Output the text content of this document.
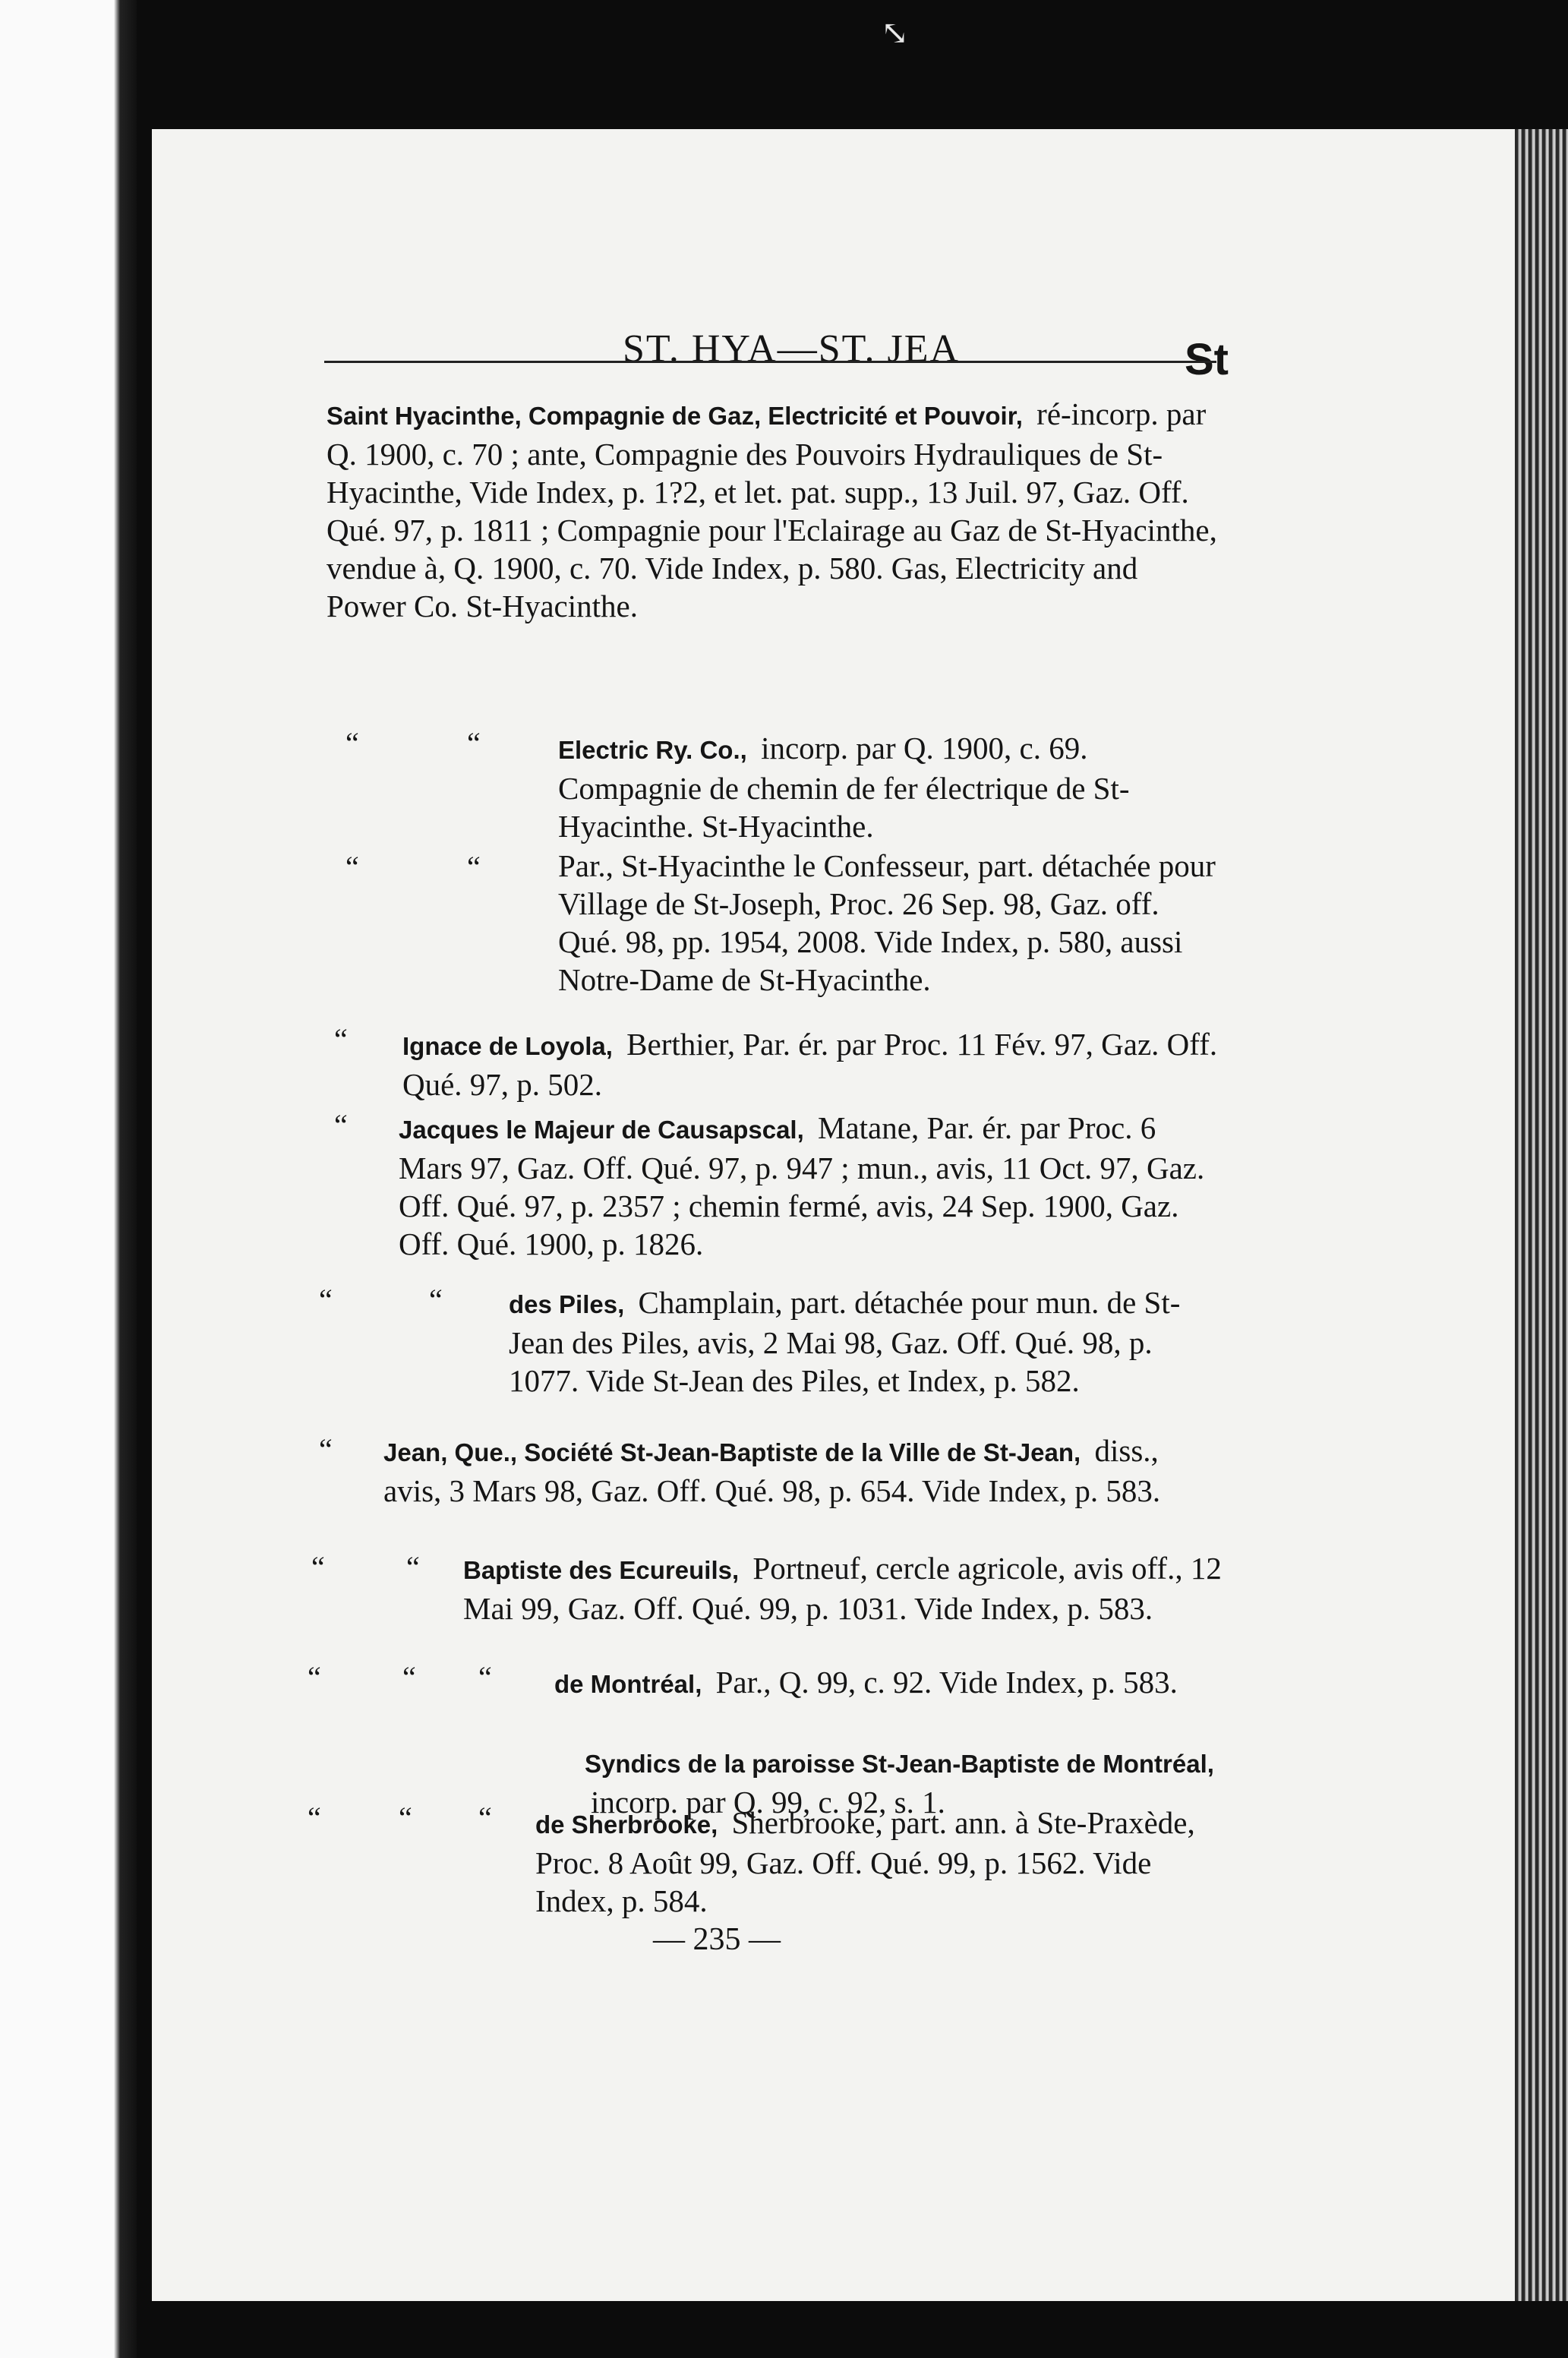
⤡
ST. HYA—ST. JEA	St
Saint Hyacinthe, Compagnie de Gaz, Electricité et Pouvoir, ré-incorp. par Q. 1900, c. 70 ; ante, Compagnie des Pouvoirs Hydrauliques de St-Hyacinthe, Vide Index, p. 1?2, et let. pat. supp., 13 Juil. 97, Gaz. Off. Qué. 97, p. 1811 ; Compagnie pour l'Eclairage au Gaz de St-Hyacinthe, vendue à, Q. 1900, c. 70. Vide Index, p. 580. Gas, Electricity and Power Co. St-Hyacinthe.
“	“	Electric Ry. Co., incorp. par Q. 1900, c. 69. Compagnie de chemin de fer électrique de St-Hyacinthe. St-Hyacinthe.
“	“ Par., St-Hyacinthe le Confesseur, part. détachée pour Village de St-Joseph, Proc. 26 Sep. 98, Gaz. off. Qué. 98, pp. 1954, 2008. Vide Index, p. 580, aussi Notre-Dame de St-Hyacinthe.
“ Ignace de Loyola, Berthier, Par. ér. par Proc. 11 Fév. 97, Gaz. Off. Qué. 97, p. 502.
“ Jacques le Majeur de Causapscal, Matane, Par. ér. par Proc. 6 Mars 97, Gaz. Off. Qué. 97, p. 947 ; mun., avis, 11 Oct. 97, Gaz. Off. Qué. 97, p. 2357 ; chemin fermé, avis, 24 Sep. 1900, Gaz. Off. Qué. 1900, p. 1826.
“	“	des Piles, Champlain, part. détachée pour mun. de St-Jean des Piles, avis, 2 Mai 98, Gaz. Off. Qué. 98, p. 1077. Vide St-Jean des Piles, et Index, p. 582.
“ Jean, Que., Société St-Jean-Baptiste de la Ville de St-Jean, diss., avis, 3 Mars 98, Gaz. Off. Qué. 98, p. 654. Vide Index, p. 583.
“	“ Baptiste des Ecureuils, Portneuf, cercle agricole, avis off., 12 Mai 99, Gaz. Off. Qué. 99, p. 1031. Vide Index, p. 583.
“	“ “ de Montréal, Par., Q. 99, c. 92. Vide Index, p. 583.
Syndics de la paroisse St-Jean-Baptiste de Montréal, incorp. par Q. 99, c. 92, s. 1.
“	“ “ de Sherbrooke, Sherbrooke, part. ann. à Ste-Praxède, Proc. 8 Août 99, Gaz. Off. Qué. 99, p. 1562. Vide Index, p. 584.
— 235 —
